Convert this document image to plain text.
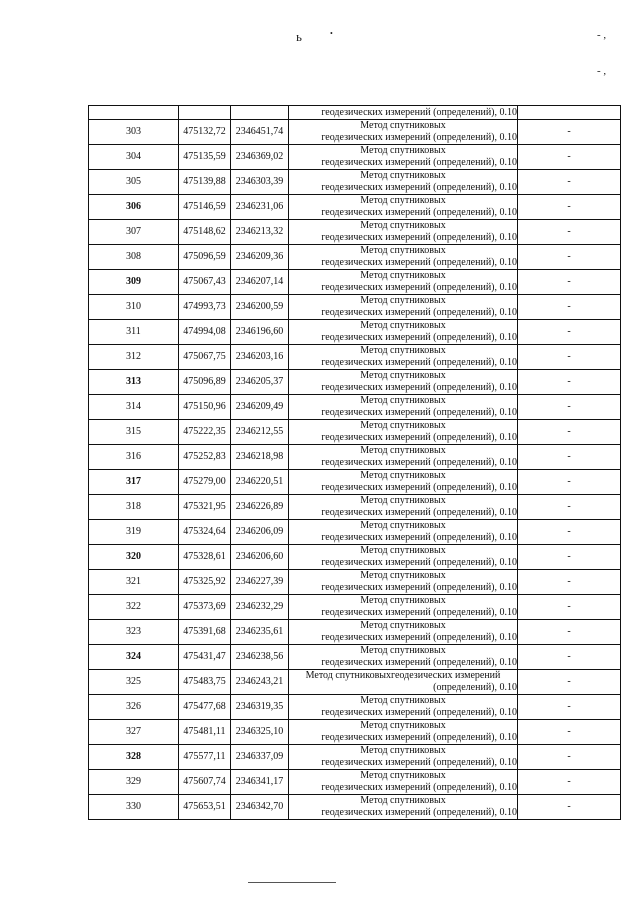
ь	•	- ,
- ,
			геодезических измерений (определений), 0.10	
303	475132,72	2346451,74	Метод спутниковых
геодезических измерений (определений), 0.10	-
304	475135,59	2346369,02	Метод спутниковых
геодезических измерений (определений), 0.10	-
305	475139,88	2346303,39	Метод спутниковых
геодезических измерений (определений), 0.10	-
306	475146,59	2346231,06	Метод спутниковых
геодезических измерений (определений), 0.10	-
307	475148,62	2346213,32	Метод спутниковых
геодезических измерений (определений), 0.10	-
308	475096,59	2346209,36	Метод спутниковых
геодезических измерений (определений), 0.10	-
309	475067,43	2346207,14	Метод спутниковых
геодезических измерений (определений), 0.10	-
310	474993,73	2346200,59	Метод спутниковых
геодезических измерений (определений), 0.10	-
311	474994,08	2346196,60	Метод спутниковых
геодезических измерений (определений), 0.10	-
312	475067,75	2346203,16	Метод спутниковых
геодезических измерений (определений), 0.10	-
313	475096,89	2346205,37	Метод спутниковых
геодезических измерений (определений), 0.10	-
314	475150,96	2346209,49	Метод спутниковых
геодезических измерений (определений), 0.10	-
315	475222,35	2346212,55	Метод спутниковых
геодезических измерений (определений), 0.10	-
316	475252,83	2346218,98	Метод спутниковых
геодезических измерений (определений), 0.10	-
317	475279,00	2346220,51	Метод спутниковых
геодезических измерений (определений), 0.10	-
318	475321,95	2346226,89	Метод спутниковых
геодезических измерений (определений), 0.10	-
319	475324,64	2346206,09	Метод спутниковых
геодезических измерений (определений), 0.10	-
320	475328,61	2346206,60	Метод спутниковых
геодезических измерений (определений), 0.10	-
321	475325,92	2346227,39	Метод спутниковых
геодезических измерений (определений), 0.10	-
322	475373,69	2346232,29	Метод спутниковых
геодезических измерений (определений), 0.10	-
323	475391,68	2346235,61	Метод спутниковых
геодезических измерений (определений), 0.10	-
324	475431,47	2346238,56	Метод спутниковых
геодезических измерений (определений), 0.10	-
325	475483,75	2346243,21	Метод спутниковыхгеодезических измерений
(определений), 0.10	-
326	475477,68	2346319,35	Метод спутниковых
геодезических измерений (определений), 0.10	-
327	475481,11	2346325,10	Метод спутниковых
геодезических измерений (определений), 0.10	-
328	475577,11	2346337,09	Метод спутниковых
геодезических измерений (определений), 0.10	-
329	475607,74	2346341,17	Метод спутниковых
геодезических измерений (определений), 0.10	-
330	475653,51	2346342,70	Метод спутниковых
геодезических измерений (определений), 0.10	-
